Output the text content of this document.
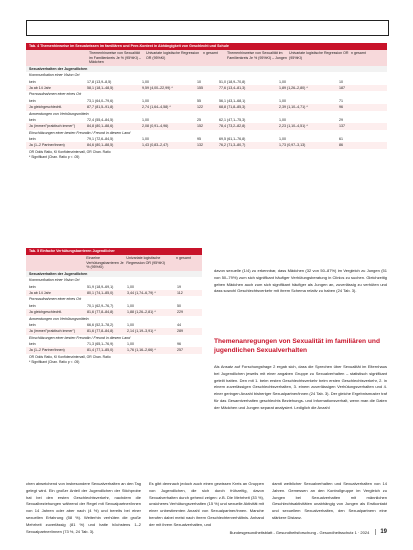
Tab. 4 Themenhinweise im Sexualwissen im familiären und Peer-Kontext in Abhängigkeit von Geschlecht und Schule
Themenhinweise von Sexualität im Familienkreis Je % (95%KI) – Mädchen
Univariate logistische Regression OR (95%KI)
n gesamt	Themenhinweise von Sexualität im Familienkreis Je % (95%KI) – Jungen
Univariate logistische Regression OR (95%KI)
n gesamt
Sexualverhalten der Jugendlichen
Kommunikation einer Vision Ort
kein	17,8 (13,9–8,5)	1,00	10	51,0 (18,9–70,8)	1,00	10
Ja ab 14 Jahr	58,1 (18,1–48,5)	9,59 (4,00–22,99) *	155	77,6 (13,4–81,3)	1,89 (1,26–2,80) *	187
Pornoaufnahmen einer eines Ort
kein	73,1 (64,0–79,6)	1,00	55	56,1 (43,1–68,1)	1,00	71
Ja gleichgeschlechtl.	87,7 (81,5–91,8)	2,74 (1,64–4,58) *	122	68,8 (71,8–85,3)	2,39 (1,10–4,71) *	96
Anwendungen von Verhütungsmitteln
kein	72,4 (55,4–84,5)	1,00	25	62,1 (47,1–75,3)	1,00	29
Ja (immer/"praktisch immer")	84,8 (80,1–88,6)	2,08 (0,91–4,96)	152	78,4 (73,2–82,8)	2,23 (1,10–4,51) *	137
Einschätzungen einer besten Freundin / Freund in diesem Land
kein	79,1 (72,6–84,5)	1,00	95	69,5 (61,1–76,8)	1,00	61
Ja (1–2 Partner/innen)	84,6 (80,1–88,5)	1,43 (0,83–2,47)	132	76,2 (71,3–80,7)	1,73 (0,97–3,13)	86
OR Odds Ratio, KI Konfidenzintervall, OR Chan. Ratio
* Signifikant (Chan. Ratio p < .05)
Tab. 5 Einfache Verhütungsbarrieren Jugendlicher
Einzelne Verhütungsbarrieren Je % (95%KI)
Univariate logistische Regression OR (95%KI)
n gesamt
Sexualverhalten der Jugendlichen
Kommunikation einer Vision Ort
kein	51,9 (18,9–69,1)	1,00	19
Ja ab 14 Jahr	80,1 (74,1–85,0)	3,44 (1,74–6,79) *	112
Pornoaufnahmen einer eines Ort
kein	70,1 (62,9–76,7)	1,00	50
Ja gleichgeschlechtl.	81,6 (77,8–84,8)	1,88 (1,26–2,81) *	229
Anwendungen von Verhütungsmitteln
kein	66,6 (52,3–78,2)	1,00	44
Ja (immer/"praktisch immer")	81,6 (77,8–84,8)	2,14 (1,19–3,91) *	289
Einschätzungen einer besten Freundin / Freund in diesem Land
kein	71,3 (65,1–76,9)	1,00	96
Ja (1–2 Partner/innen)	81,4 (77,1–85,0)	1,76 (1,16–2,66) *	257
OR Odds Ratio, KI Konfidenzintervall, OR Chan. Ratio
* Signifikant (Chan. Ratio p < .05)

davon sexuelle (1/4) zu erkennbar, dass Mädchen (32 von 50–87%) im Vergleich zu Jungen (51 von 50–79%) zum sich signifikant häufiger Verhütungsberatung in Clinics zu suchen. Gleichzeitig geben Mädchen auch zum sich signifikant häufiger als Jungen an, zuverlässig zu verhüten und dass sowohl Geschlechtsverkehr mit ihrem Schema relativ zu haben (24 Tab. 3).

Themenanregungen von Sexualität im familiären und jugendlichen Sexualverhalten

Als Ansatz auf Forschungsfrage 2 ergab sich, dass die Sprechen über Sexualität im Elternhaus bei Jugendlichen jeweils mit einer angaben Gruppe zu Sexualverhalten – statistisch signifikant geteilt hatten. Den mit 1. beim ersten Geschlechtsverkehr beim ersten Geschlechtsverkehr, 2. in einem zuverlässigen Geschlechtsverhalten, 3. einem zuverlässigen Verhütungsverhalten und 4. einer geringen Anzahl bisheriger Sexualpartner/innen (24 Tab. 3). Der gleiche Ergebnismuster traf für das Gesamtverhalten geschlechts Beziehungs- und Informationsverhalt, wenn man die Daten der Mädchen und Jungen separat analysiert. Lediglich die Anzahl

chen abweichend von insbesondere Sexualverhalten an den Tag gelegt wird. Ein großer Anteil der Jugendlichen der Stichprobe hat bei den ersten Geschlechtsverkehr, nachdem die Sexualbeziehungen während der Regel mit Sexualpartner/innen von 14 Jahren oder aber nach (4 %) und bereits bei einer sexuellen Erfahrung (58 %). Weiterhin verhüten die große Mehrheit zuverlässig (81 %) und hatte höchstens 1–2 Sexualpartner/innen (73 %, 24 Tab. 3).

Es gibt demnach jedoch auch einen gewissen Kreis an Gruppen von Jugendlichen, die sich durch frühzeitig, davon Sexualverhalten durch gehend zeigen: z.B. Die Mehrheit (33 %), unsicheres Verhütungsverhalten (15 %) und sexuelle Aktivität mit einer unbestimmten Anzahl von Sexualpartner/innen. Manche berufen dabei meist nach ihrem Geschlechterverhältnis. Anhand der mit ihrem Sexualverhalten, und

damit weiblicher Sexualverhalten und Sexualverhalten von 14 Jahren. Gemessen an den Kontrollgruppe im Vergleich zu Jungen bei Sexualverhalten mit männlichen Geschlechtsaktivitäten unabhängig von Jungen als Erstkontakt und sexuellem Sexualverhalten, den Sexualpartnern eine stärkere Distanz.

Bundesgesundheitsblatt - Gesundheitsforschung - Gesundheitsschutz 1 · 2024	19
